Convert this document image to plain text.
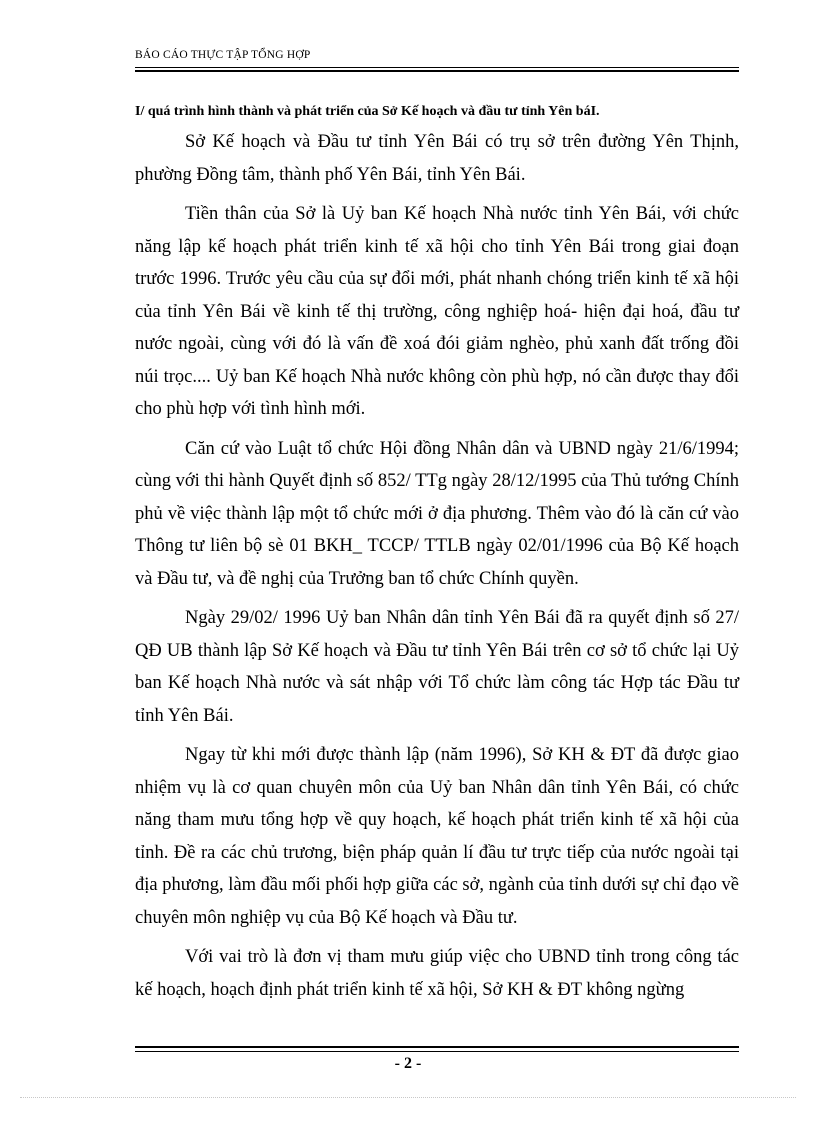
BÁO CÁO THỰC TẬP TỔNG HỢP

I/ quá trình hình thành và phát triển của Sở Kế hoạch và đầu tư tỉnh Yên báI.

Sở Kế hoạch và Đầu tư tỉnh Yên Bái có trụ sở trên đường Yên Thịnh, phường Đồng tâm, thành phố Yên Bái, tỉnh Yên Bái.

Tiền thân của Sở là Uỷ ban Kế hoạch Nhà nước tỉnh Yên Bái, với chức năng lập kế hoạch phát triển kinh tế xã hội cho tỉnh Yên Bái trong giai đoạn trước 1996. Trước yêu cầu của sự đổi mới, phát nhanh chóng triển kinh tế xã hội của tỉnh Yên Bái về kinh tế thị trường, công nghiệp hoá- hiện đại hoá, đầu tư nước ngoài, cùng với đó là vấn đề xoá đói giảm nghèo, phủ xanh đất trống đồi núi trọc.... Uỷ ban Kế hoạch Nhà nước không còn phù hợp, nó cần được thay đổi cho phù hợp với tình hình mới.

Căn cứ vào Luật tổ chức Hội đồng Nhân dân và UBND ngày 21/6/1994; cùng với thi hành Quyết định số 852/ TTg ngày 28/12/1995 của Thủ tướng Chính phủ về việc thành lập một tổ chức mới ở địa phương. Thêm vào đó là căn cứ vào Thông tư liên bộ sè 01 BKH_ TCCP/ TTLB ngày 02/01/1996 của Bộ Kế hoạch và Đầu tư, và đề nghị của Trưởng ban tổ chức Chính quyền.

Ngày 29/02/ 1996 Uỷ ban Nhân dân tỉnh Yên Bái đã ra quyết định số 27/ QĐ UB thành lập Sở Kế hoạch và Đầu tư tỉnh Yên Bái trên cơ sở tổ chức lại Uỷ ban Kế hoạch Nhà nước và sát nhập với Tổ chức làm công tác Hợp tác Đầu tư tỉnh Yên Bái.

Ngay từ khi mới được thành lập (năm 1996), Sở KH & ĐT đã được giao nhiệm vụ là cơ quan chuyên môn của Uỷ ban Nhân dân tỉnh Yên Bái, có chức năng tham mưu tổng hợp về quy hoạch, kế hoạch phát triển kinh tế xã hội của tỉnh. Đề ra các chủ trương, biện pháp quản lí đầu tư trực tiếp của nước ngoài tại địa phương, làm đầu mối phối hợp giữa các sở, ngành của tỉnh dưới sự chỉ đạo về chuyên môn nghiệp vụ của Bộ Kế hoạch và Đầu tư.

Với vai trò là đơn vị tham mưu giúp việc cho UBND tỉnh trong công tác kế hoạch, hoạch định phát triển kinh tế xã hội, Sở KH & ĐT không ngừng

- 2 -
